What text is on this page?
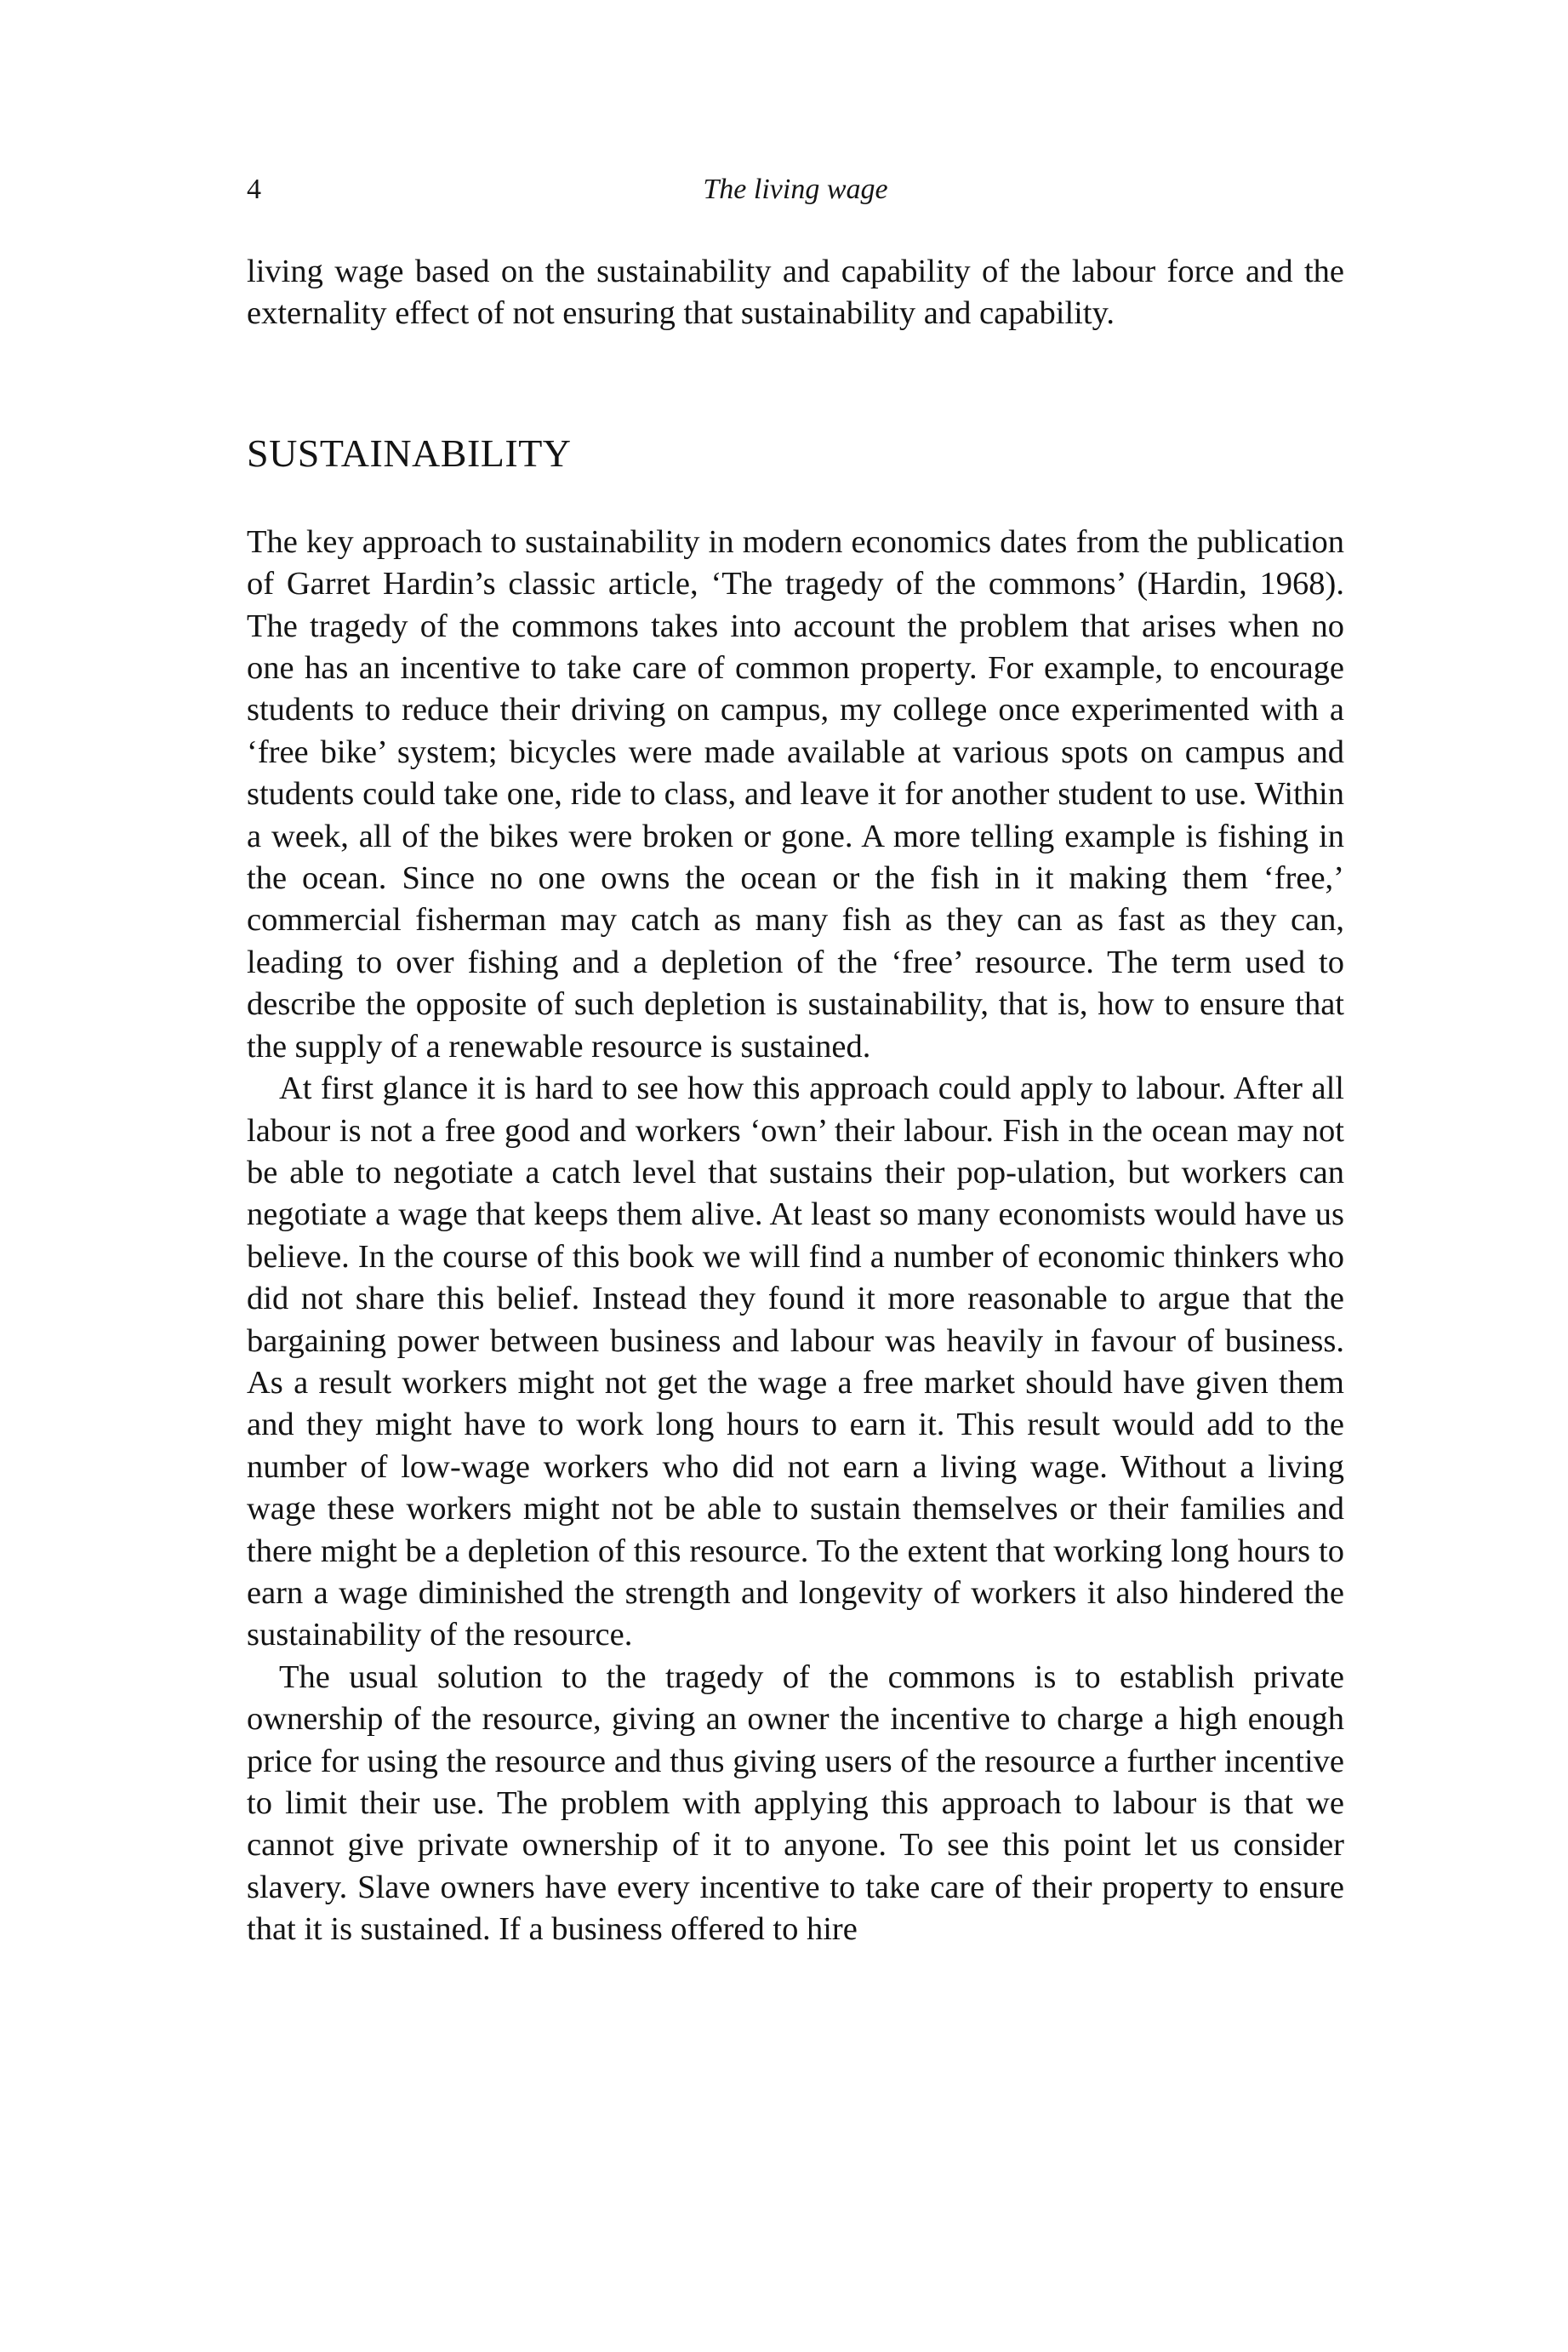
4	The living wage

living wage based on the sustainability and capability of the labour force and the externality effect of not ensuring that sustainability and capability.

SUSTAINABILITY

The key approach to sustainability in modern economics dates from the publication of Garret Hardin’s classic article, ‘The tragedy of the commons’ (Hardin, 1968). The tragedy of the commons takes into account the problem that arises when no one has an incentive to take care of common property. For example, to encourage students to reduce their driving on campus, my college once experimented with a ‘free bike’ system; bicycles were made available at various spots on campus and students could take one, ride to class, and leave it for another student to use. Within a week, all of the bikes were broken or gone. A more telling example is fishing in the ocean. Since no one owns the ocean or the fish in it making them ‘free,’ commercial fisherman may catch as many fish as they can as fast as they can, leading to over fishing and a depletion of the ‘free’ resource. The term used to describe the opposite of such depletion is sustainability, that is, how to ensure that the supply of a renewable resource is sustained.

At first glance it is hard to see how this approach could apply to labour. After all labour is not a free good and workers ‘own’ their labour. Fish in the ocean may not be able to negotiate a catch level that sustains their pop-ulation, but workers can negotiate a wage that keeps them alive. At least so many economists would have us believe. In the course of this book we will find a number of economic thinkers who did not share this belief. Instead they found it more reasonable to argue that the bargaining power between business and labour was heavily in favour of business. As a result workers might not get the wage a free market should have given them and they might have to work long hours to earn it. This result would add to the number of low-wage workers who did not earn a living wage. Without a living wage these workers might not be able to sustain themselves or their families and there might be a depletion of this resource. To the extent that working long hours to earn a wage diminished the strength and longevity of workers it also hindered the sustainability of the resource.

The usual solution to the tragedy of the commons is to establish private ownership of the resource, giving an owner the incentive to charge a high enough price for using the resource and thus giving users of the resource a further incentive to limit their use. The problem with applying this approach to labour is that we cannot give private ownership of it to anyone. To see this point let us consider slavery. Slave owners have every incentive to take care of their property to ensure that it is sustained. If a business offered to hire
